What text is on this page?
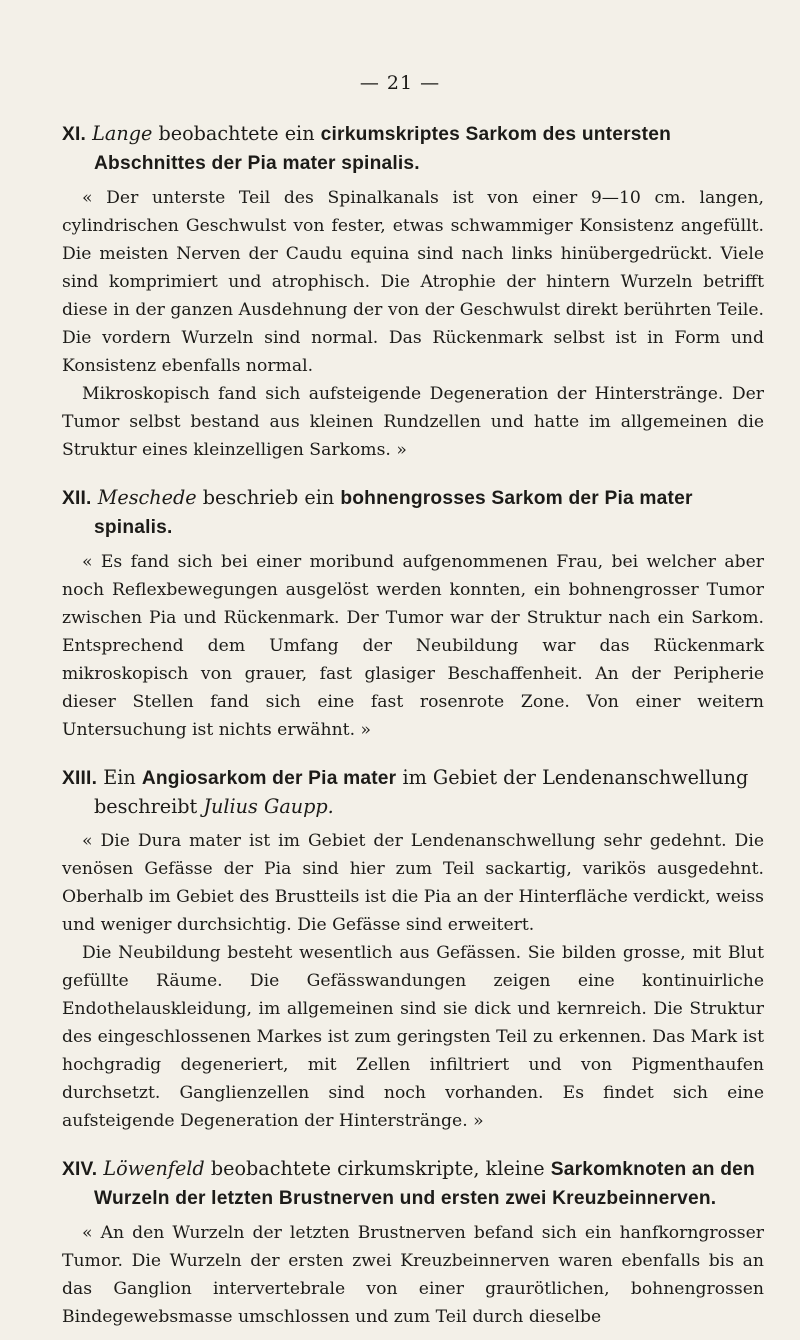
— 21 —

XI. Lange beobachtete ein cirkumskriptes Sarkom des untersten Abschnittes der Pia mater spinalis.

« Der unterste Teil des Spinalkanals ist von einer 9—10 cm. langen, cylindrischen Geschwulst von fester, etwas schwammiger Konsistenz angefüllt. Die meisten Nerven der Caudu equina sind nach links hinübergedrückt. Viele sind komprimiert und atrophisch. Die Atrophie der hintern Wurzeln betrifft diese in der ganzen Ausdehnung der von der Geschwulst direkt berührten Teile. Die vordern Wurzeln sind normal. Das Rückenmark selbst ist in Form und Konsistenz ebenfalls normal.

Mikroskopisch fand sich aufsteigende Degeneration der Hinterstränge. Der Tumor selbst bestand aus kleinen Rundzellen und hatte im allgemeinen die Struktur eines kleinzelligen Sarkoms. »

XII. Meschede beschrieb ein bohnengrosses Sarkom der Pia mater spinalis.

« Es fand sich bei einer moribund aufgenommenen Frau, bei welcher aber noch Reflexbewegungen ausgelöst werden konnten, ein bohnengrosser Tumor zwischen Pia und Rückenmark. Der Tumor war der Struktur nach ein Sarkom. Entsprechend dem Umfang der Neubildung war das Rückenmark mikroskopisch von grauer, fast glasiger Beschaffenheit. An der Peripherie dieser Stellen fand sich eine fast rosenrote Zone. Von einer weitern Untersuchung ist nichts erwähnt. »

XIII. Ein Angiosarkom der Pia mater im Gebiet der Lendenanschwellung beschreibt Julius Gaupp.

« Die Dura mater ist im Gebiet der Lendenanschwellung sehr gedehnt. Die venösen Gefässe der Pia sind hier zum Teil sackartig, varikös ausgedehnt. Oberhalb im Gebiet des Brustteils ist die Pia an der Hinterfläche verdickt, weiss und weniger durchsichtig. Die Gefässe sind erweitert.

Die Neubildung besteht wesentlich aus Gefässen. Sie bilden grosse, mit Blut gefüllte Räume. Die Gefässwandungen zeigen eine kontinuirliche Endothelauskleidung, im allgemeinen sind sie dick und kernreich. Die Struktur des eingeschlossenen Markes ist zum geringsten Teil zu erkennen. Das Mark ist hochgradig degeneriert, mit Zellen infiltriert und von Pigmenthaufen durchsetzt. Ganglienzellen sind noch vorhanden. Es findet sich eine aufsteigende Degeneration der Hinterstränge. »

XIV. Löwenfeld beobachtete cirkumskripte, kleine Sarkomknoten an den Wurzeln der letzten Brustnerven und ersten zwei Kreuzbeinnerven.

« An den Wurzeln der letzten Brustnerven befand sich ein hanfkorngrosser Tumor. Die Wurzeln der ersten zwei Kreuzbeinnerven waren ebenfalls bis an das Ganglion intervertebrale von einer graurötlichen, bohnengrossen Bindegewebsmasse umschlossen und zum Teil durch dieselbe
